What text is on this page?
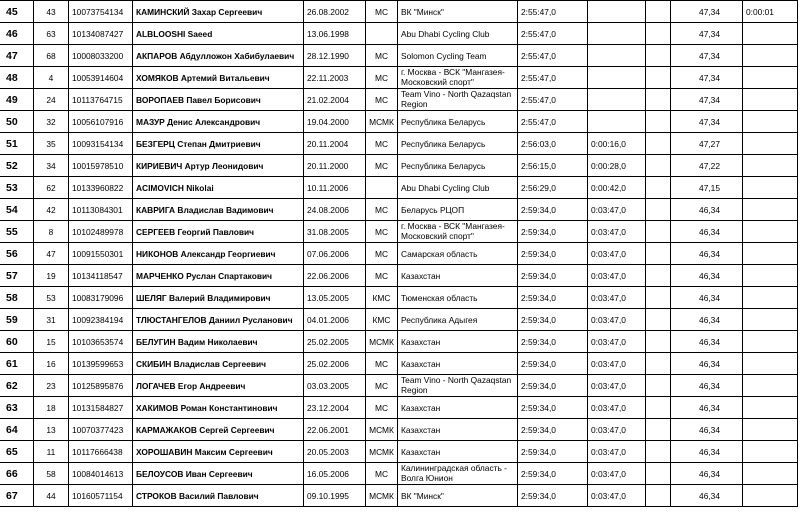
45	43	10073754134	КАМИНСКИЙ Захар Сергеевич	26.08.2002	МС	ВК "Минск"	2:55:47,0			47,34	0:00:01
46	63	10134087427	ALBLOOSHI Saeed	13.06.1998		Abu Dhabi Cycling Club	2:55:47,0			47,34	
47	68	10008033200	АКПАРОВ Абдулложон Хабибулаевич	28.12.1990	МС	Solomon Cycling Team	2:55:47,0			47,34	
48	4	10053914604	ХОМЯКОВ Артемий Витальевич	22.11.2003	МС	г. Москва - ВСК "Мангазея-Московский спорт"	2:55:47,0			47,34	
49	24	10113764715	ВОРОПАЕВ Павел Борисович	21.02.2004	МС	Team Vino - North Qazaqstan Region	2:55:47,0			47,34	
50	32	10056107916	МАЗУР Денис Александрович	19.04.2000	МСМК	Республика Беларусь	2:55:47,0			47,34	
51	35	10093154134	БЕЗГЕРЦ Степан Дмитриевич	20.11.2004	МС	Республика Беларусь	2:56:03,0	0:00:16,0		47,27	
52	34	10015978510	КИРИЕВИЧ Артур Леонидович	20.11.2000	МС	Республика Беларусь	2:56:15,0	0:00:28,0		47,22	
53	62	10133960822	ACIMOVICH Nikolai	10.11.2006		Abu Dhabi Cycling Club	2:56:29,0	0:00:42,0		47,15	
54	42	10113084301	КАВРИГА Владислав Вадимович	24.08.2006	МС	Беларусь РЦОП	2:59:34,0	0:03:47,0		46,34	
55	8	10102489978	СЕРГЕЕВ Георгий Павлович	31.08.2005	МС	г. Москва - ВСК "Мангазея-Московский спорт"	2:59:34,0	0:03:47,0		46,34	
56	47	10091550301	НИКОНОВ Александр Георгиевич	07.06.2006	МС	Самарская область	2:59:34,0	0:03:47,0		46,34	
57	19	10134118547	МАРЧЕНКО Руслан Спартакович	22.06.2006	МС	Казахстан	2:59:34,0	0:03:47,0		46,34	
58	53	10083179096	ШЕЛЯГ Валерий Владимирович	13.05.2005	КМС	Тюменская область	2:59:34,0	0:03:47,0		46,34	
59	31	10092384194	ТЛЮСТАНГЕЛОВ Даниил Русланович	04.01.2006	КМС	Республика Адыгея	2:59:34,0	0:03:47,0		46,34	
60	15	10103653574	БЕЛУГИН Вадим Николаевич	25.02.2005	МСМК	Казахстан	2:59:34,0	0:03:47,0		46,34	
61	16	10139599653	СКИБИН Владислав Сергеевич	25.02.2006	МС	Казахстан	2:59:34,0	0:03:47,0		46,34	
62	23	10125895876	ЛОГАЧЕВ Егор Андреевич	03.03.2005	МС	Team Vino - North Qazaqstan Region	2:59:34,0	0:03:47,0		46,34	
63	18	10131584827	ХАКИМОВ Роман Константинович	23.12.2004	МС	Казахстан	2:59:34,0	0:03:47,0		46,34	
64	13	10070377423	КАРМАЖАКОВ Сергей Сергеевич	22.06.2001	МСМК	Казахстан	2:59:34,0	0:03:47,0		46,34	
65	11	10117666438	ХОРОШАВИН Максим Сергеевич	20.05.2003	МСМК	Казахстан	2:59:34,0	0:03:47,0		46,34	
66	58	10084014613	БЕЛОУСОВ Иван Сергеевич	16.05.2006	МС	Калининградская область - Волга Юнион	2:59:34,0	0:03:47,0		46,34	
67	44	10160571154	СТРОКОВ Василий Павлович	09.10.1995	МСМК	ВК "Минск"	2:59:34,0	0:03:47,0		46,34	
